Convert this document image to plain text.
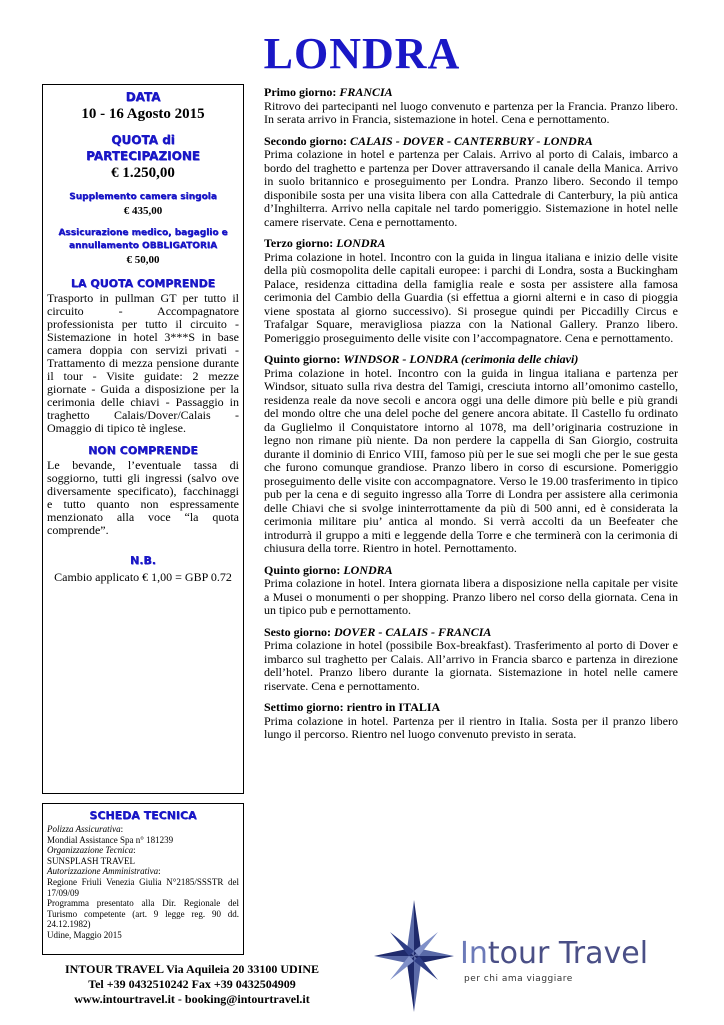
LONDRA
DATA
10 - 16 Agosto 2015
QUOTA di
PARTECIPAZIONE
€ 1.250,00
Supplemento camera singola
€ 435,00
Assicurazione medico, bagaglio e
annullamento OBBLIGATORIA
€ 50,00
LA QUOTA COMPRENDE
Trasporto in pullman GT per tutto il circuito - Accompagnatore professionista per tutto il circuito - Sistemazione in hotel 3***S in base camera doppia con servizi privati - Trattamento di mezza pensione durante il tour - Visite guidate: 2 mezze giornate - Guida a disposizione per la cerimonia delle chiavi - Passaggio in traghetto Calais/Dover/Calais - Omaggio di tipico tè inglese.
NON COMPRENDE
Le bevande, l’eventuale tassa di soggiorno, tutti gli ingressi (salvo ove diversamente specificato), facchinaggi e tutto quanto non espressamente menzionato alla voce “la quota comprende”.
N.B.
Cambio applicato € 1,00 = GBP 0.72
SCHEDA TECNICA
Polizza Assicurativa:
Mondial Assistance Spa n° 181239
Organizzazione Tecnica:
SUNSPLASH TRAVEL
Autorizzazione Amministrativa:
Regione Friuli Venezia Giulia N°2185/SSSTR del 17/09/09
Programma presentato alla Dir. Regionale del Turismo competente (art. 9 legge reg. 90 dd. 24.12.1982)
Udine, Maggio 2015
Primo giorno: FRANCIA
Ritrovo dei partecipanti nel luogo convenuto e partenza per la Francia. Pranzo libero. In serata arrivo in Francia, sistemazione in hotel. Cena e pernottamento.
Secondo giorno: CALAIS - DOVER - CANTERBURY - LONDRA
Prima colazione in hotel e partenza per Calais. Arrivo al porto di Calais, imbarco a bordo del traghetto e partenza per Dover attraversando il canale della Manica. Arrivo in suolo britannico e proseguimento per Londra. Pranzo libero. Secondo il tempo disponibile sosta per una visita libera con alla Cattedrale di Canterbury, la più antica d’Inghilterra. Arrivo nella capitale nel tardo pomeriggio. Sistemazione in hotel nelle camere riservate. Cena e pernottamento.
Terzo giorno: LONDRA
Prima colazione in hotel. Incontro con la guida in lingua italiana e inizio delle visite della più cosmopolita delle capitali europee: i parchi di Londra, sosta a Buckingham Palace, residenza cittadina della famiglia reale e sosta per assistere alla famosa cerimonia del Cambio della Guardia (si effettua a giorni alterni e in caso di pioggia viene spostata al giorno successivo). Si prosegue quindi per Piccadilly Circus e Trafalgar Square, meravigliosa piazza con la National Gallery. Pranzo libero. Pomeriggio proseguimento delle visite con l’accompagnatore. Cena e pernottamento.
Quinto giorno: WINDSOR - LONDRA (cerimonia delle chiavi)
Prima colazione in hotel. Incontro con la guida in lingua italiana e partenza per Windsor, situato sulla riva destra del Tamigi, cresciuta intorno all’omonimo castello, residenza reale da nove secoli e ancora oggi una delle dimore più belle e più grandi del mondo oltre che una delel poche del genere ancora abitate. Il Castello fu ordinato da Guglielmo il Conquistatore intorno al 1078, ma dell’originaria costruzione in legno non rimane più niente. Da non perdere la cappella di San Giorgio, costruita durante il dominio di Enrico VIII, famoso più per le sue sei mogli che per le sue gesta che furono comunque grandiose. Pranzo libero in corso di escursione. Pomeriggio proseguimento delle visite con accompagnatore. Verso le 19.00 trasferimento in tipico pub per la cena e di seguito ingresso alla Torre di Londra per assistere alla cerimonia delle Chiavi che si svolge ininterrottamente da più di 500 anni, ed è considerata la cerimonia militare piu’ antica al mondo. Si verrà accolti da un Beefeater che introdurrà il gruppo a miti e leggende della Torre e che terminerà con la cerimonia di chiusura della torre. Rientro in hotel. Pernottamento.
Quinto giorno: LONDRA
Prima colazione in hotel. Intera giornata libera a disposizione nella capitale per visite a Musei o monumenti o per shopping. Pranzo libero nel corso della giornata. Cena in un tipico pub e pernottamento.
Sesto giorno: DOVER - CALAIS - FRANCIA
Prima colazione in hotel (possibile Box-breakfast). Trasferimento al porto di Dover e imbarco sul traghetto per Calais. All’arrivo in Francia sbarco e partenza in direzione dell’hotel. Pranzo libero durante la giornata. Sistemazione in hotel nelle camere riservate. Cena e pernottamento.
Settimo giorno: rientro in ITALIA
Prima colazione in hotel. Partenza per il rientro in Italia. Sosta per il pranzo libero lungo il percorso. Rientro nel luogo convenuto previsto in serata.
INTOUR TRAVEL Via Aquileia 20 33100 UDINE
Tel +39 0432510242 Fax +39 0432504909
www.intourtravel.it - booking@intourtravel.it
Intour Travel
per chi ama viaggiare
